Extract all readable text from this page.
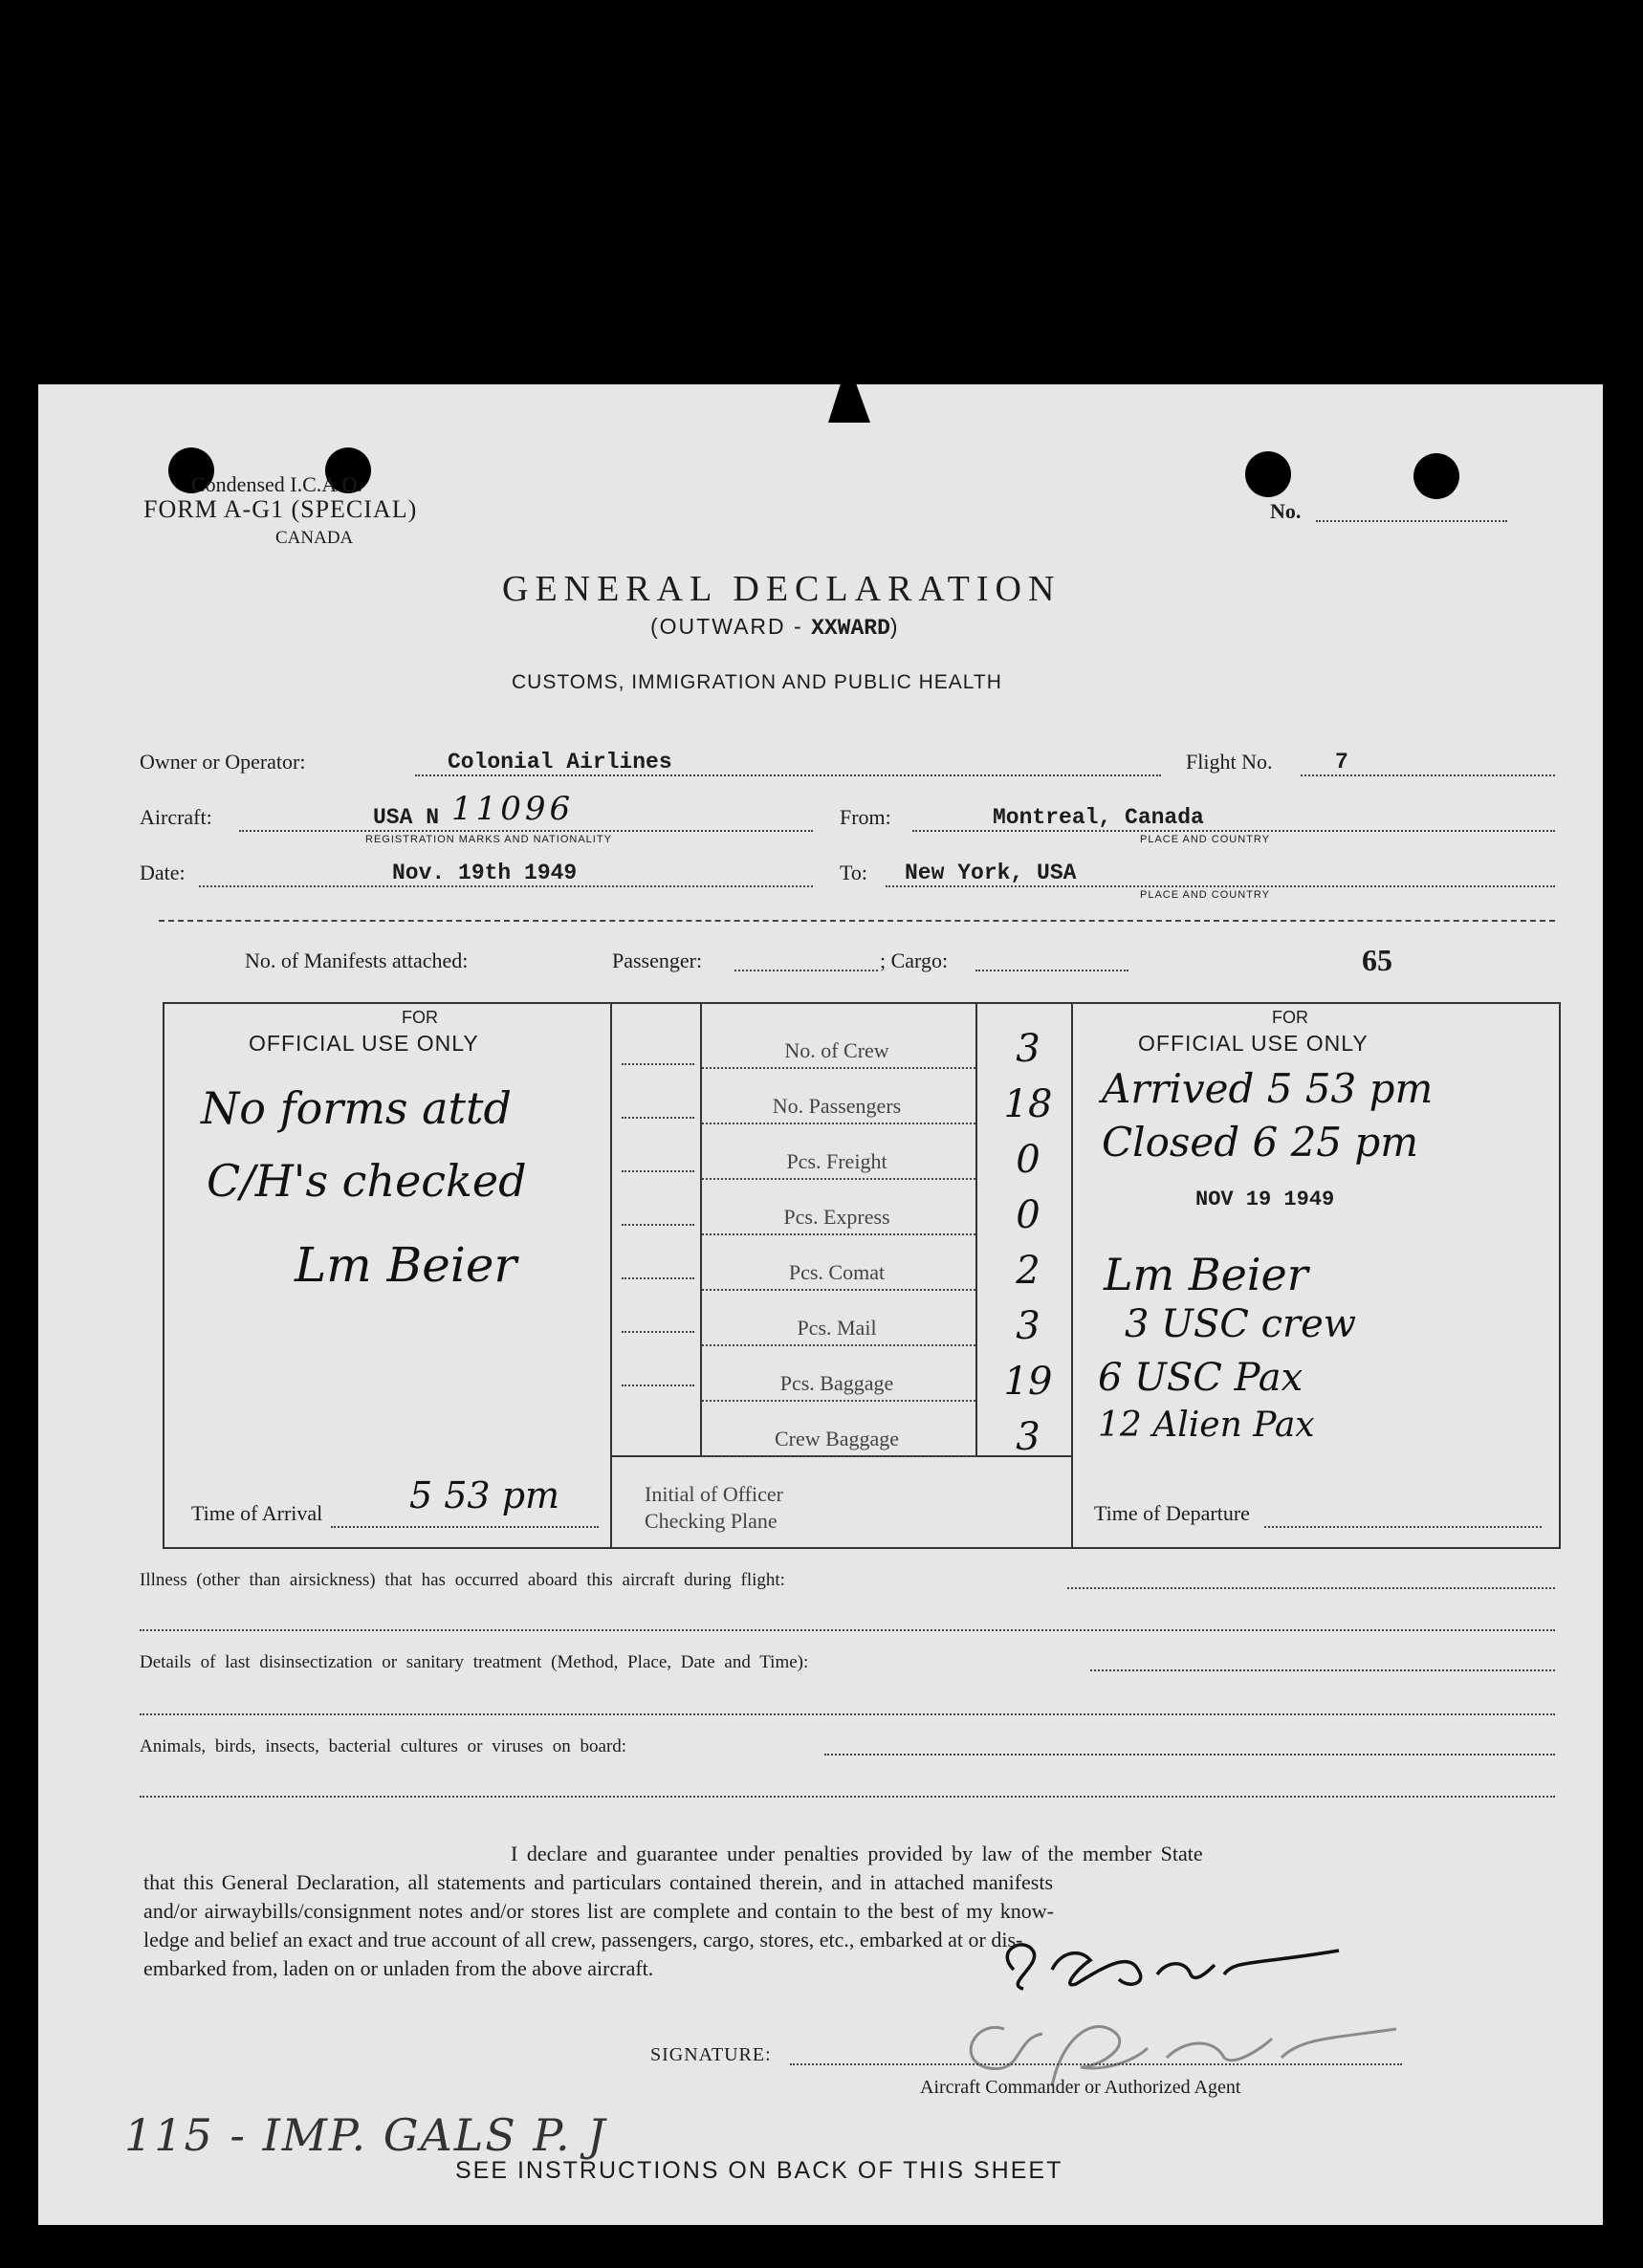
Condensed I.C.A.O.
FORM A-G1 (SPECIAL)
CANADA
No.
GENERAL DECLARATION
(OUTWARD - XXWARD)
CUSTOMS, IMMIGRATION AND PUBLIC HEALTH
Owner or Operator:	Colonial Airlines	Flight No.	7
Aircraft:	USA N 11096
REGISTRATION MARKS AND NATIONALITY
From:	Montreal, Canada
PLACE AND COUNTRY
Date:	Nov. 19th 1949	To: New York, USA
PLACE AND COUNTRY
No. of Manifests attached:	Passenger:	; Cargo:	65
FOR
OFFICIAL USE ONLY
No forms attd
C/H's checked
Lm Beier
Time of Arrival 5 53 pm
No. of Crew	3
No. Passengers	18
Pcs. Freight	0
Pcs. Express	0
Pcs. Comat	2
Pcs. Mail	3
Pcs. Baggage	19
Crew Baggage	3
Initial of Officer
Checking Plane
FOR
OFFICIAL USE ONLY
Arrived 5 53 pm
Closed 6 25 pm
NOV 19 1949
Lm Beier
3 USC crew
6 USC Pax
12 Alien Pax
Time of Departure
Illness (other than airsickness) that has occurred aboard this aircraft during flight:
Details of last disinsectization or sanitary treatment (Method, Place, Date and Time):
Animals, birds, insects, bacterial cultures or viruses on board:
I declare and guarantee under penalties provided by law of the member State
that this General Declaration, all statements and particulars contained therein, and in attached manifests
and/or airwaybills/consignment notes and/or stores list are complete and contain to the best of my know-
ledge and belief an exact and true account of all crew, passengers, cargo, stores, etc., embarked at or dis-
embarked from, laden on or unladen from the above aircraft.
SIGNATURE:
Aircraft Commander or Authorized Agent
115 - IMP. GALS P. J
SEE INSTRUCTIONS ON BACK OF THIS SHEET
